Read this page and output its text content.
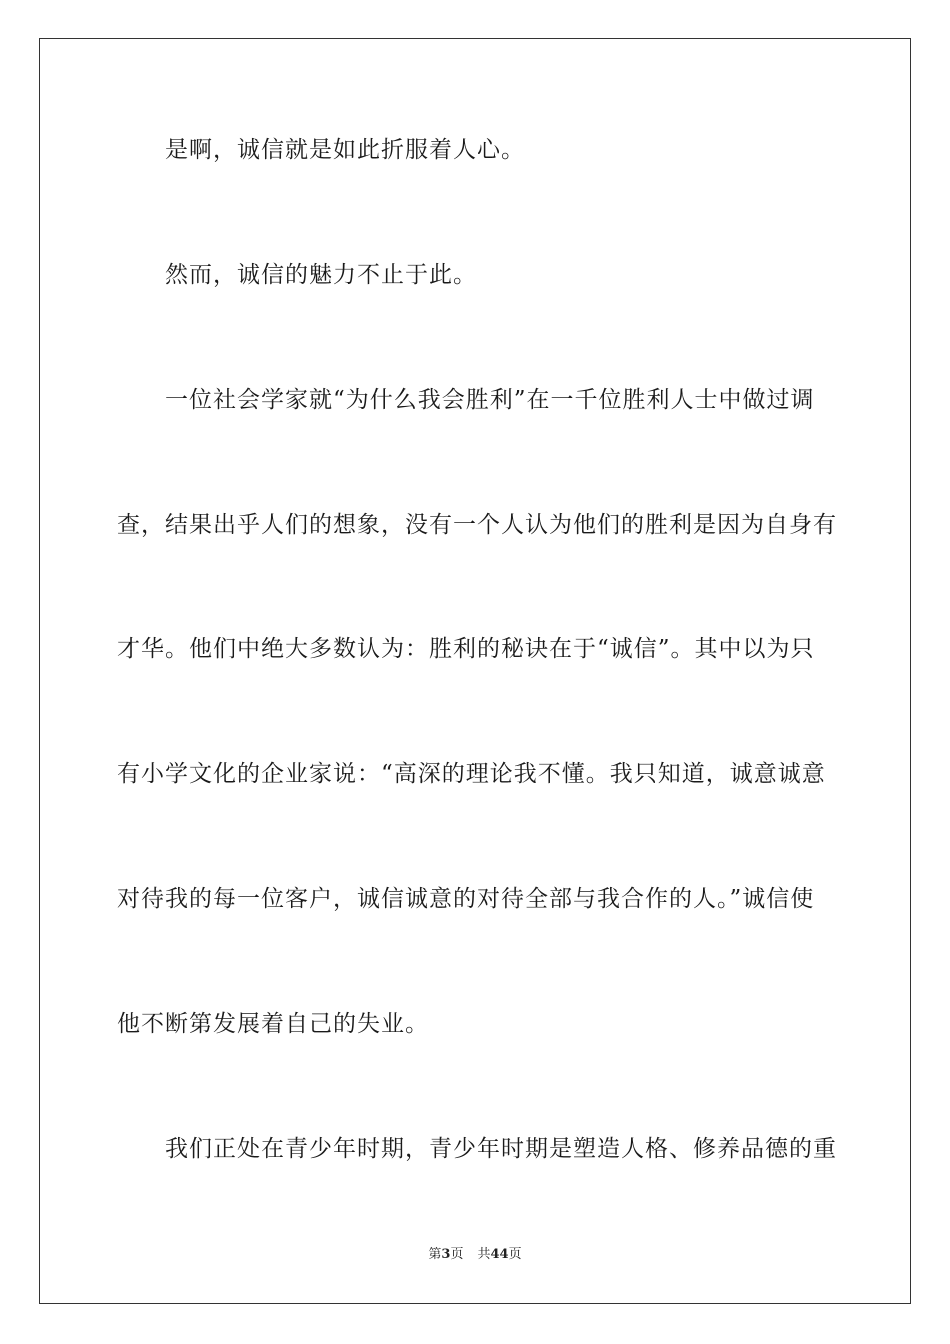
是啊，诚信就是如此折服着人心。
然而，诚信的魅力不止于此。
一位社会学家就“为什么我会胜利”在一千位胜利人士中做过调
查，结果出乎人们的想象，没有一个人认为他们的胜利是因为自身有
才华。他们中绝大多数认为：胜利的秘诀在于“诚信”。其中以为只
有小学文化的企业家说：“高深的理论我不懂。我只知道，诚意诚意
对待我的每一位客户，诚信诚意的对待全部与我合作的人。”诚信使
他不断第发展着自己的失业。
我们正处在青少年时期，青少年时期是塑造人格、修养品德的重
第3页 共44页
